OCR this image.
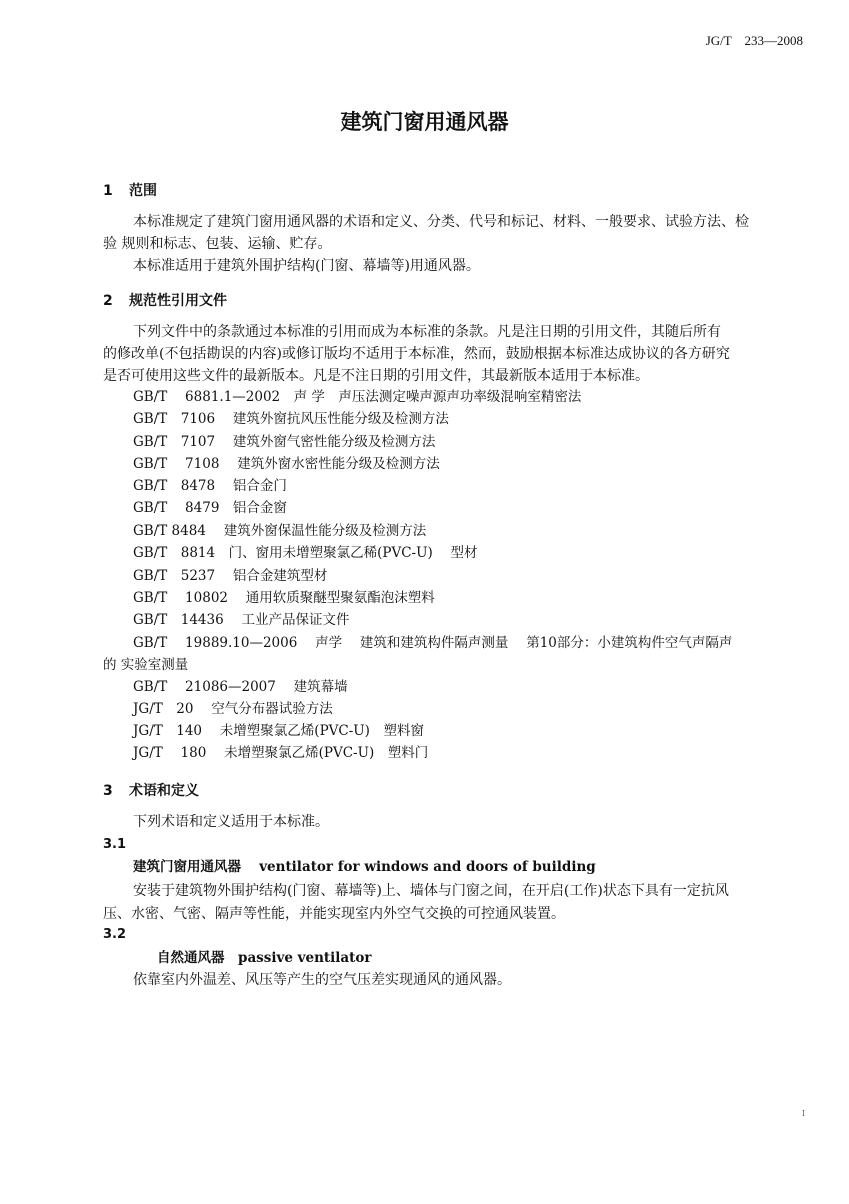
JG/T　233—2008
建筑门窗用通风器
1 范围
本标准规定了建筑门窗用通风器的术语和定义、分类、代号和标记、材料、一般要求、试验方法、检
验 规则和标志、包装、运输、贮存。
本标准适用于建筑外围护结构(门窗、幕墙等)用通风器。
2 规范性引用文件
下列文件中的条款通过本标准的引用而成为本标准的条款。凡是注日期的引用文件，其随后所有
的修改单(不包括勘误的内容)或修订版均不适用于本标准，然而，鼓励根据本标准达成协议的各方研究
是否可使用这些文件的最新版本。凡是不注日期的引用文件，其最新版本适用于本标准。
GB/T　 6881.1—2002　声 学　声压法测定噪声源声功率级混响室精密法
GB/T　7106　 建筑外窗抗风压性能分级及检测方法
GB/T　7107　 建筑外窗气密性能分级及检测方法
GB/T　 7108　 建筑外窗水密性能分级及检测方法
GB/T　8478　 铝合金门
GB/T　 8479　铝合金窗
GB/T 8484　 建筑外窗保温性能分级及检测方法
GB/T　8814　门、窗用未增塑聚氯乙稀(PVC-U)　 型材
GB/T　5237　 铝合金建筑型材
GB/T　 10802　 通用软质聚醚型聚氨酯泡沫塑料
GB/T　14436　 工业产品保证文件
GB/T　 19889.10—2006　 声学　 建筑和建筑构件隔声测量　 第10部分：小建筑构件空气声隔声
的 实验室测量
GB/T　 21086—2007　 建筑幕墙
JG/T　20　 空气分布器试验方法
JG/T　140　 未增塑聚氯乙烯(PVC-U)　塑料窗
JG/T　 180　 未增塑聚氯乙烯(PVC-U)　塑料门
3 术语和定义
下列术语和定义适用于本标准。
3.1
建筑门窗用通风器　 ventilator for windows and doors of building
安装于建筑物外围护结构(门窗、幕墙等)上、墙体与门窗之间，在开启(工作)状态下具有一定抗风
压、水密、气密、隔声等性能，并能实现室内外空气交换的可控通风装置。
3.2
自然通风器　passive ventilator
依靠室内外温差、风压等产生的空气压差实现通风的通风器。
I
